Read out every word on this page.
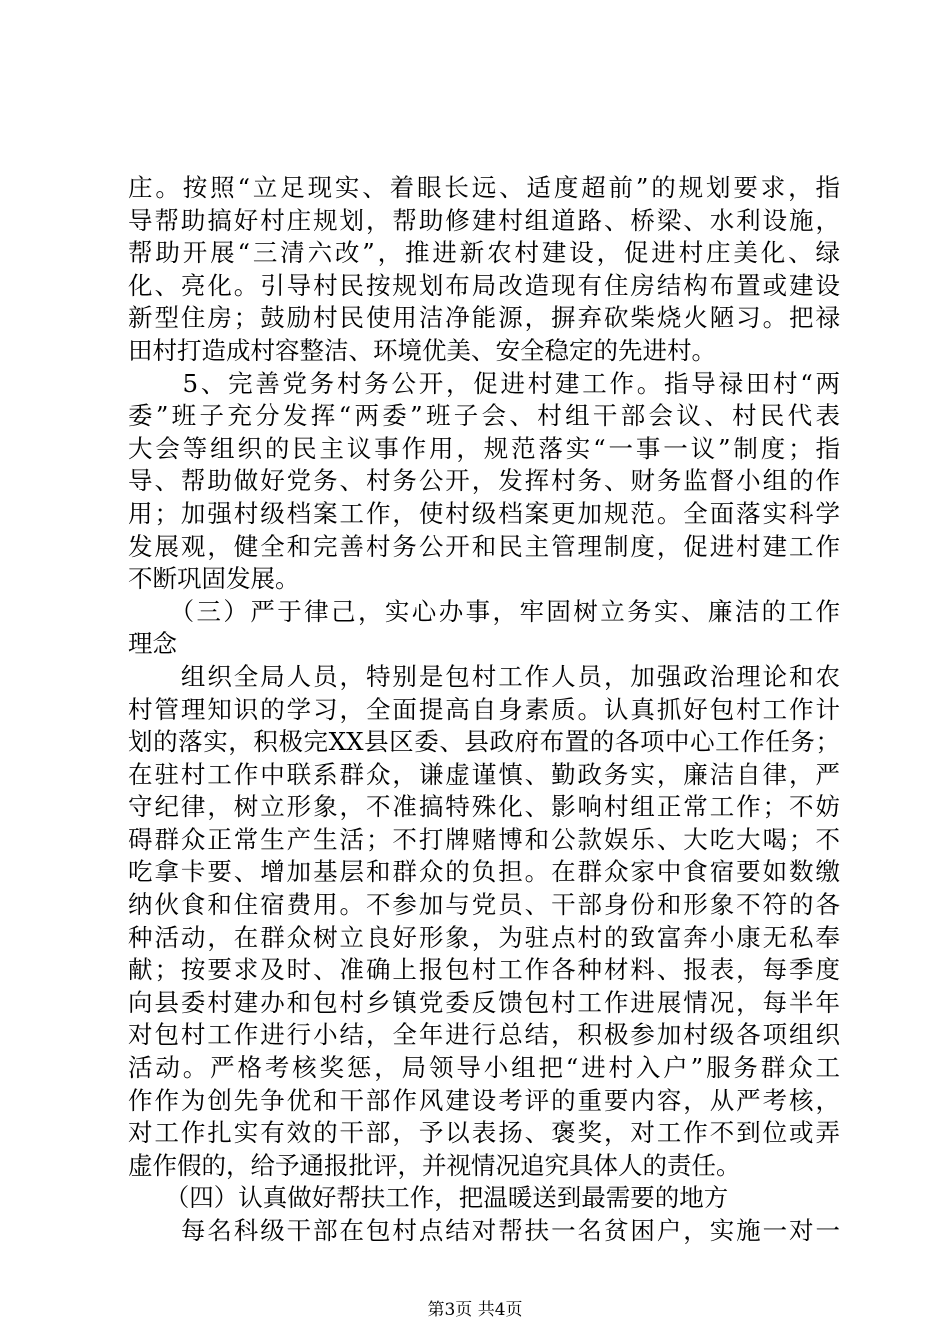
庄。按照“立足现实、着眼长远、适度超前”的规划要求，指
导帮助搞好村庄规划，帮助修建村组道路、桥梁、水利设施，
帮助开展“三清六改”，推进新农村建设，促进村庄美化、绿
化、亮化。引导村民按规划布局改造现有住房结构布置或建设
新型住房；鼓励村民使用洁净能源，摒弃砍柴烧火陋习。把禄
田村打造成村容整洁、环境优美、安全稳定的先进村。
　　5、完善党务村务公开，促进村建工作。指导禄田村“两
委”班子充分发挥“两委”班子会、村组干部会议、村民代表
大会等组织的民主议事作用，规范落实“一事一议”制度；指
导、帮助做好党务、村务公开，发挥村务、财务监督小组的作
用；加强村级档案工作，使村级档案更加规范。全面落实科学
发展观，健全和完善村务公开和民主管理制度，促进村建工作
不断巩固发展。
　　（三）严于律己，实心办事，牢固树立务实、廉洁的工作
理念
　　组织全局人员，特别是包村工作人员，加强政治理论和农
村管理知识的学习，全面提高自身素质。认真抓好包村工作计
划的落实，积极完XX县区委、县政府布置的各项中心工作任务；
在驻村工作中联系群众，谦虚谨慎、勤政务实，廉洁自律，严
守纪律，树立形象，不准搞特殊化、影响村组正常工作；不妨
碍群众正常生产生活；不打牌赌博和公款娱乐、大吃大喝；不
吃拿卡要、增加基层和群众的负担。在群众家中食宿要如数缴
纳伙食和住宿费用。不参加与党员、干部身份和形象不符的各
种活动，在群众树立良好形象，为驻点村的致富奔小康无私奉
献；按要求及时、准确上报包村工作各种材料、报表，每季度
向县委村建办和包村乡镇党委反馈包村工作进展情况，每半年
对包村工作进行小结，全年进行总结，积极参加村级各项组织
活动。严格考核奖惩，局领导小组把“进村入户”服务群众工
作作为创先争优和干部作风建设考评的重要内容，从严考核，
对工作扎实有效的干部，予以表扬、褒奖，对工作不到位或弄
虚作假的，给予通报批评，并视情况追究具体人的责任。
　　（四）认真做好帮扶工作，把温暖送到最需要的地方
　　每名科级干部在包村点结对帮扶一名贫困户，实施一对一
第3页 共4页
